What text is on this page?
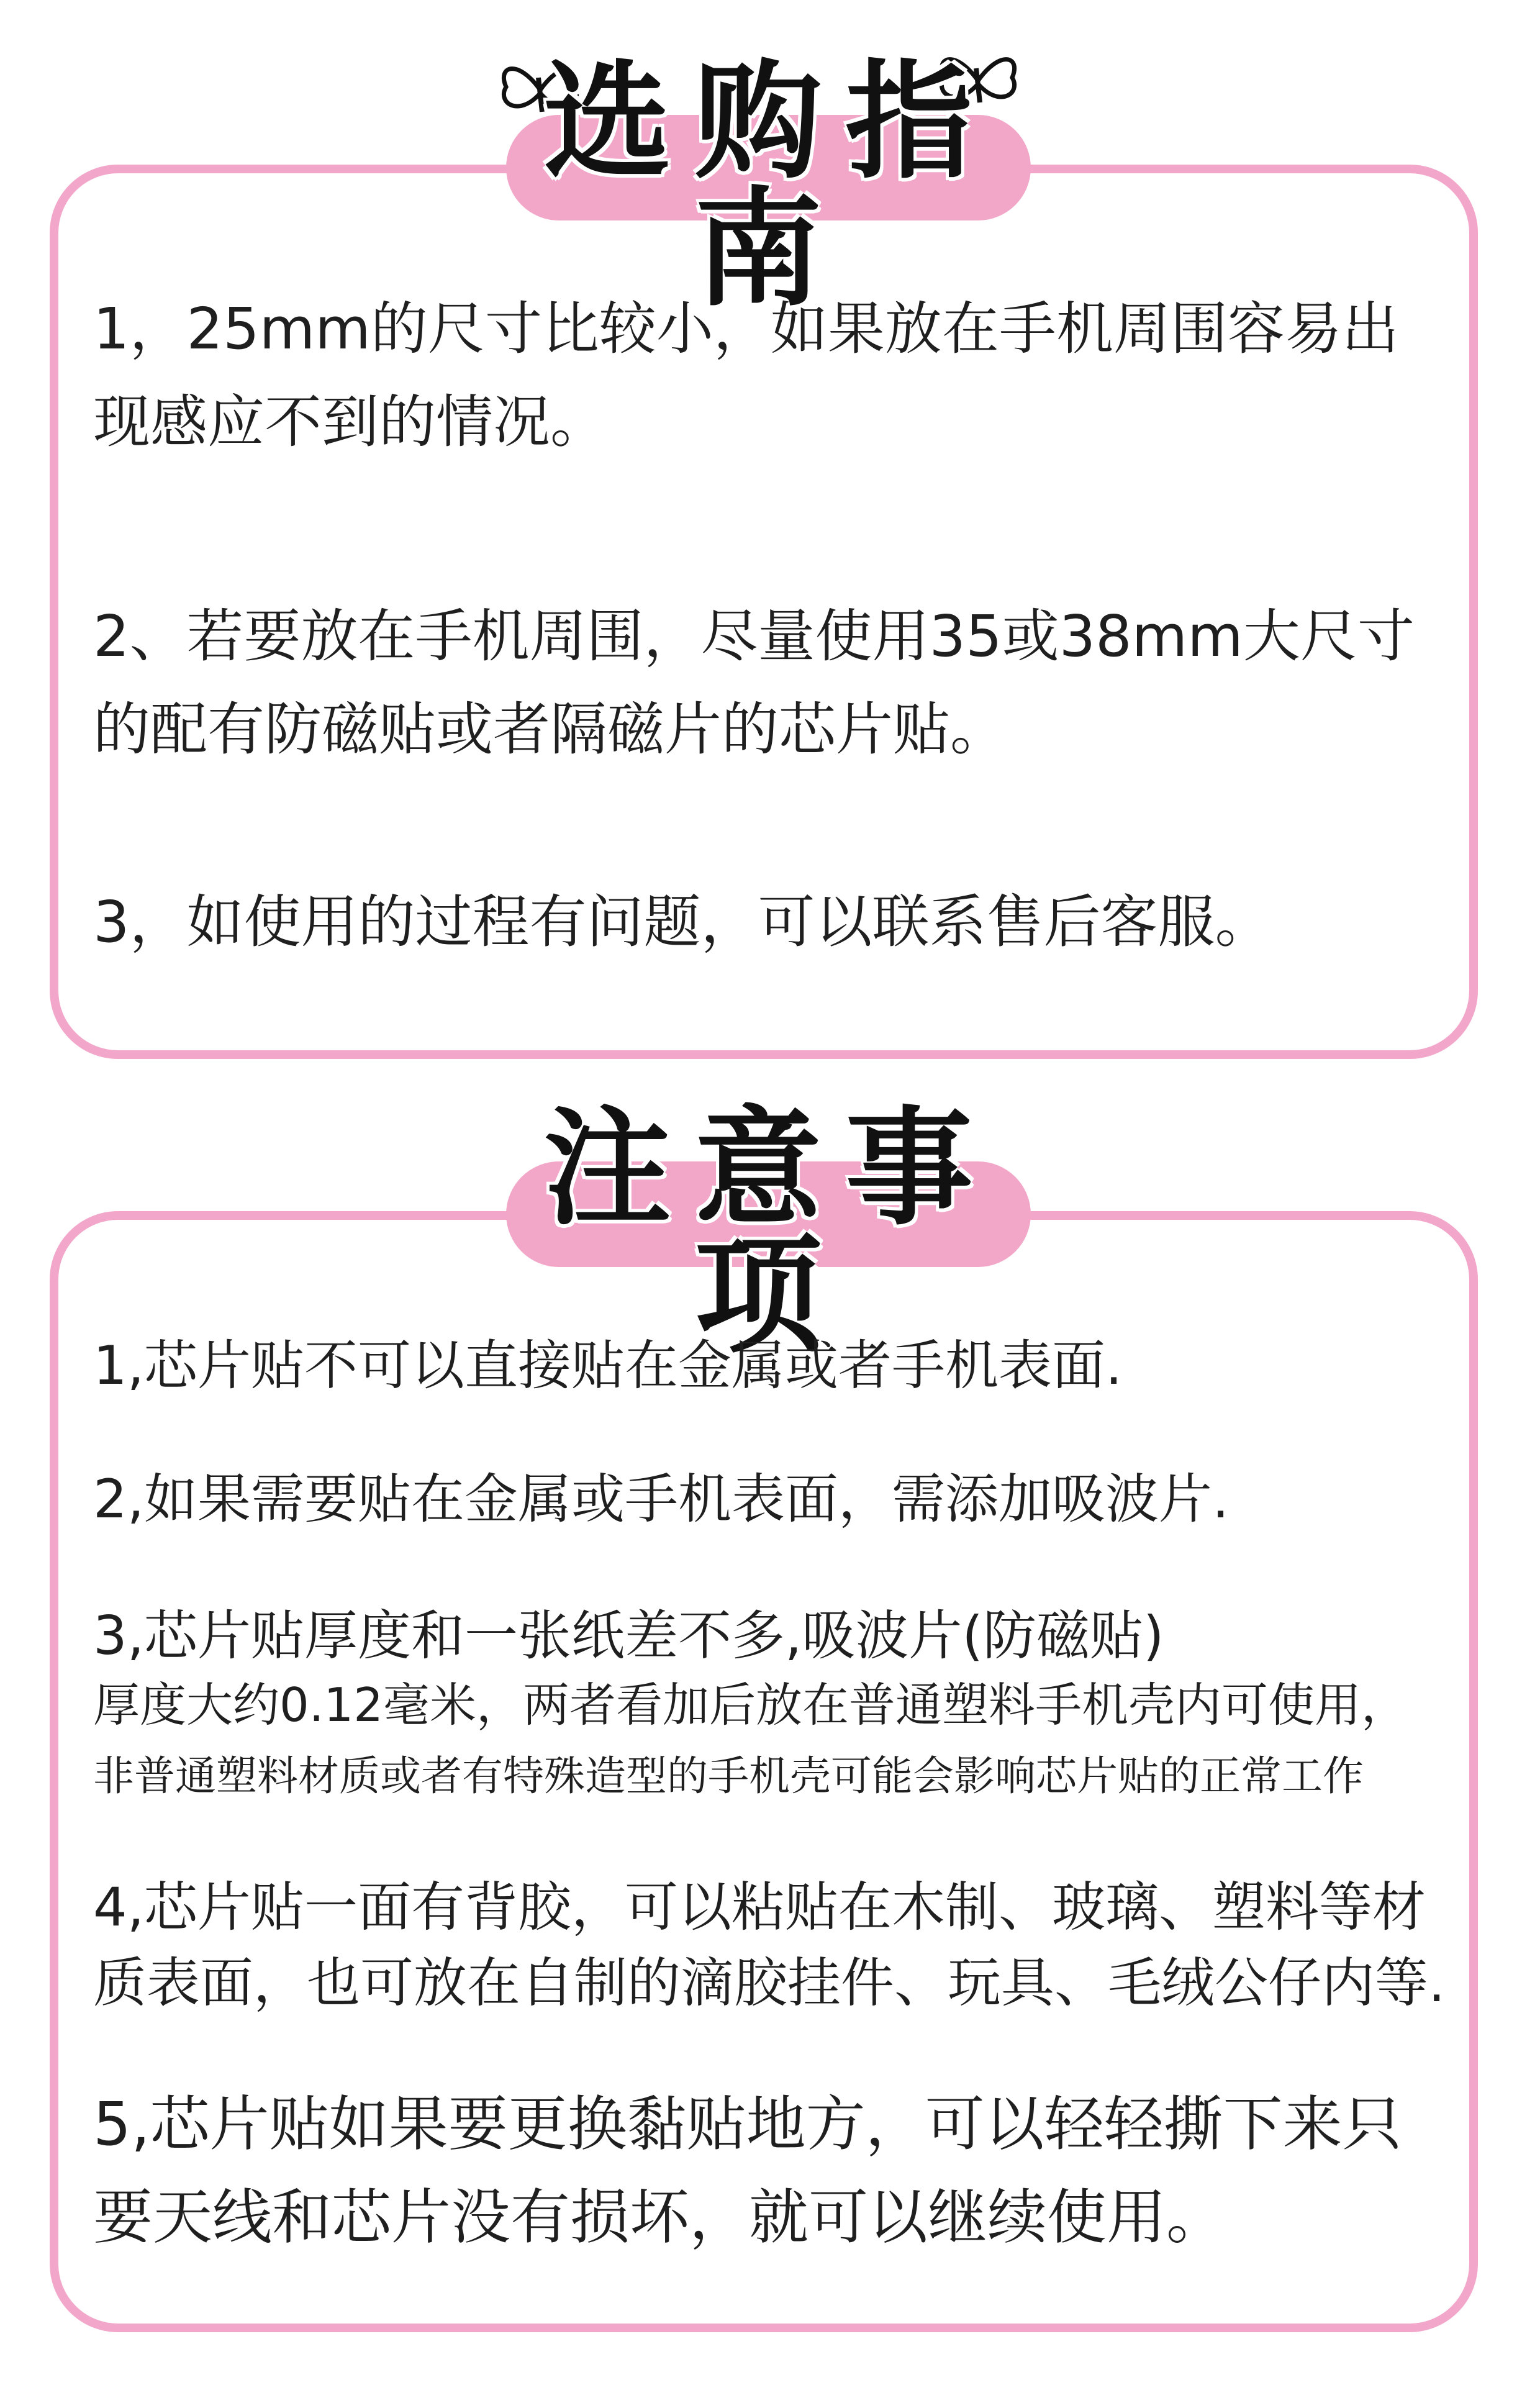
选购指南

1，25mm的尺寸比较小，如果放在手机周围容易出现感应不到的情况。

2、若要放在手机周围，尽量使用35或38mm大尺寸的配有防磁贴或者隔磁片的芯片贴。

3，如使用的过程有问题，可以联系售后客服。

注意事项

1,芯片贴不可以直接贴在金属或者手机表面.

2,如果需要贴在金属或手机表面，需添加吸波片.

3,芯片贴厚度和一张纸差不多,吸波片(防磁贴)

厚度大约0.12毫米，两者看加后放在普通塑料手机壳内可使用，

非普通塑料材质或者有特殊造型的手机壳可能会影响芯片贴的正常工作

4,芯片贴一面有背胶，可以粘贴在木制、玻璃、塑料等材质表面，也可放在自制的滴胶挂件、玩具、毛绒公仔内等.

5,芯片贴如果要更换黏贴地方，可以轻轻撕下来只要天线和芯片没有损坏，就可以继续使用。
